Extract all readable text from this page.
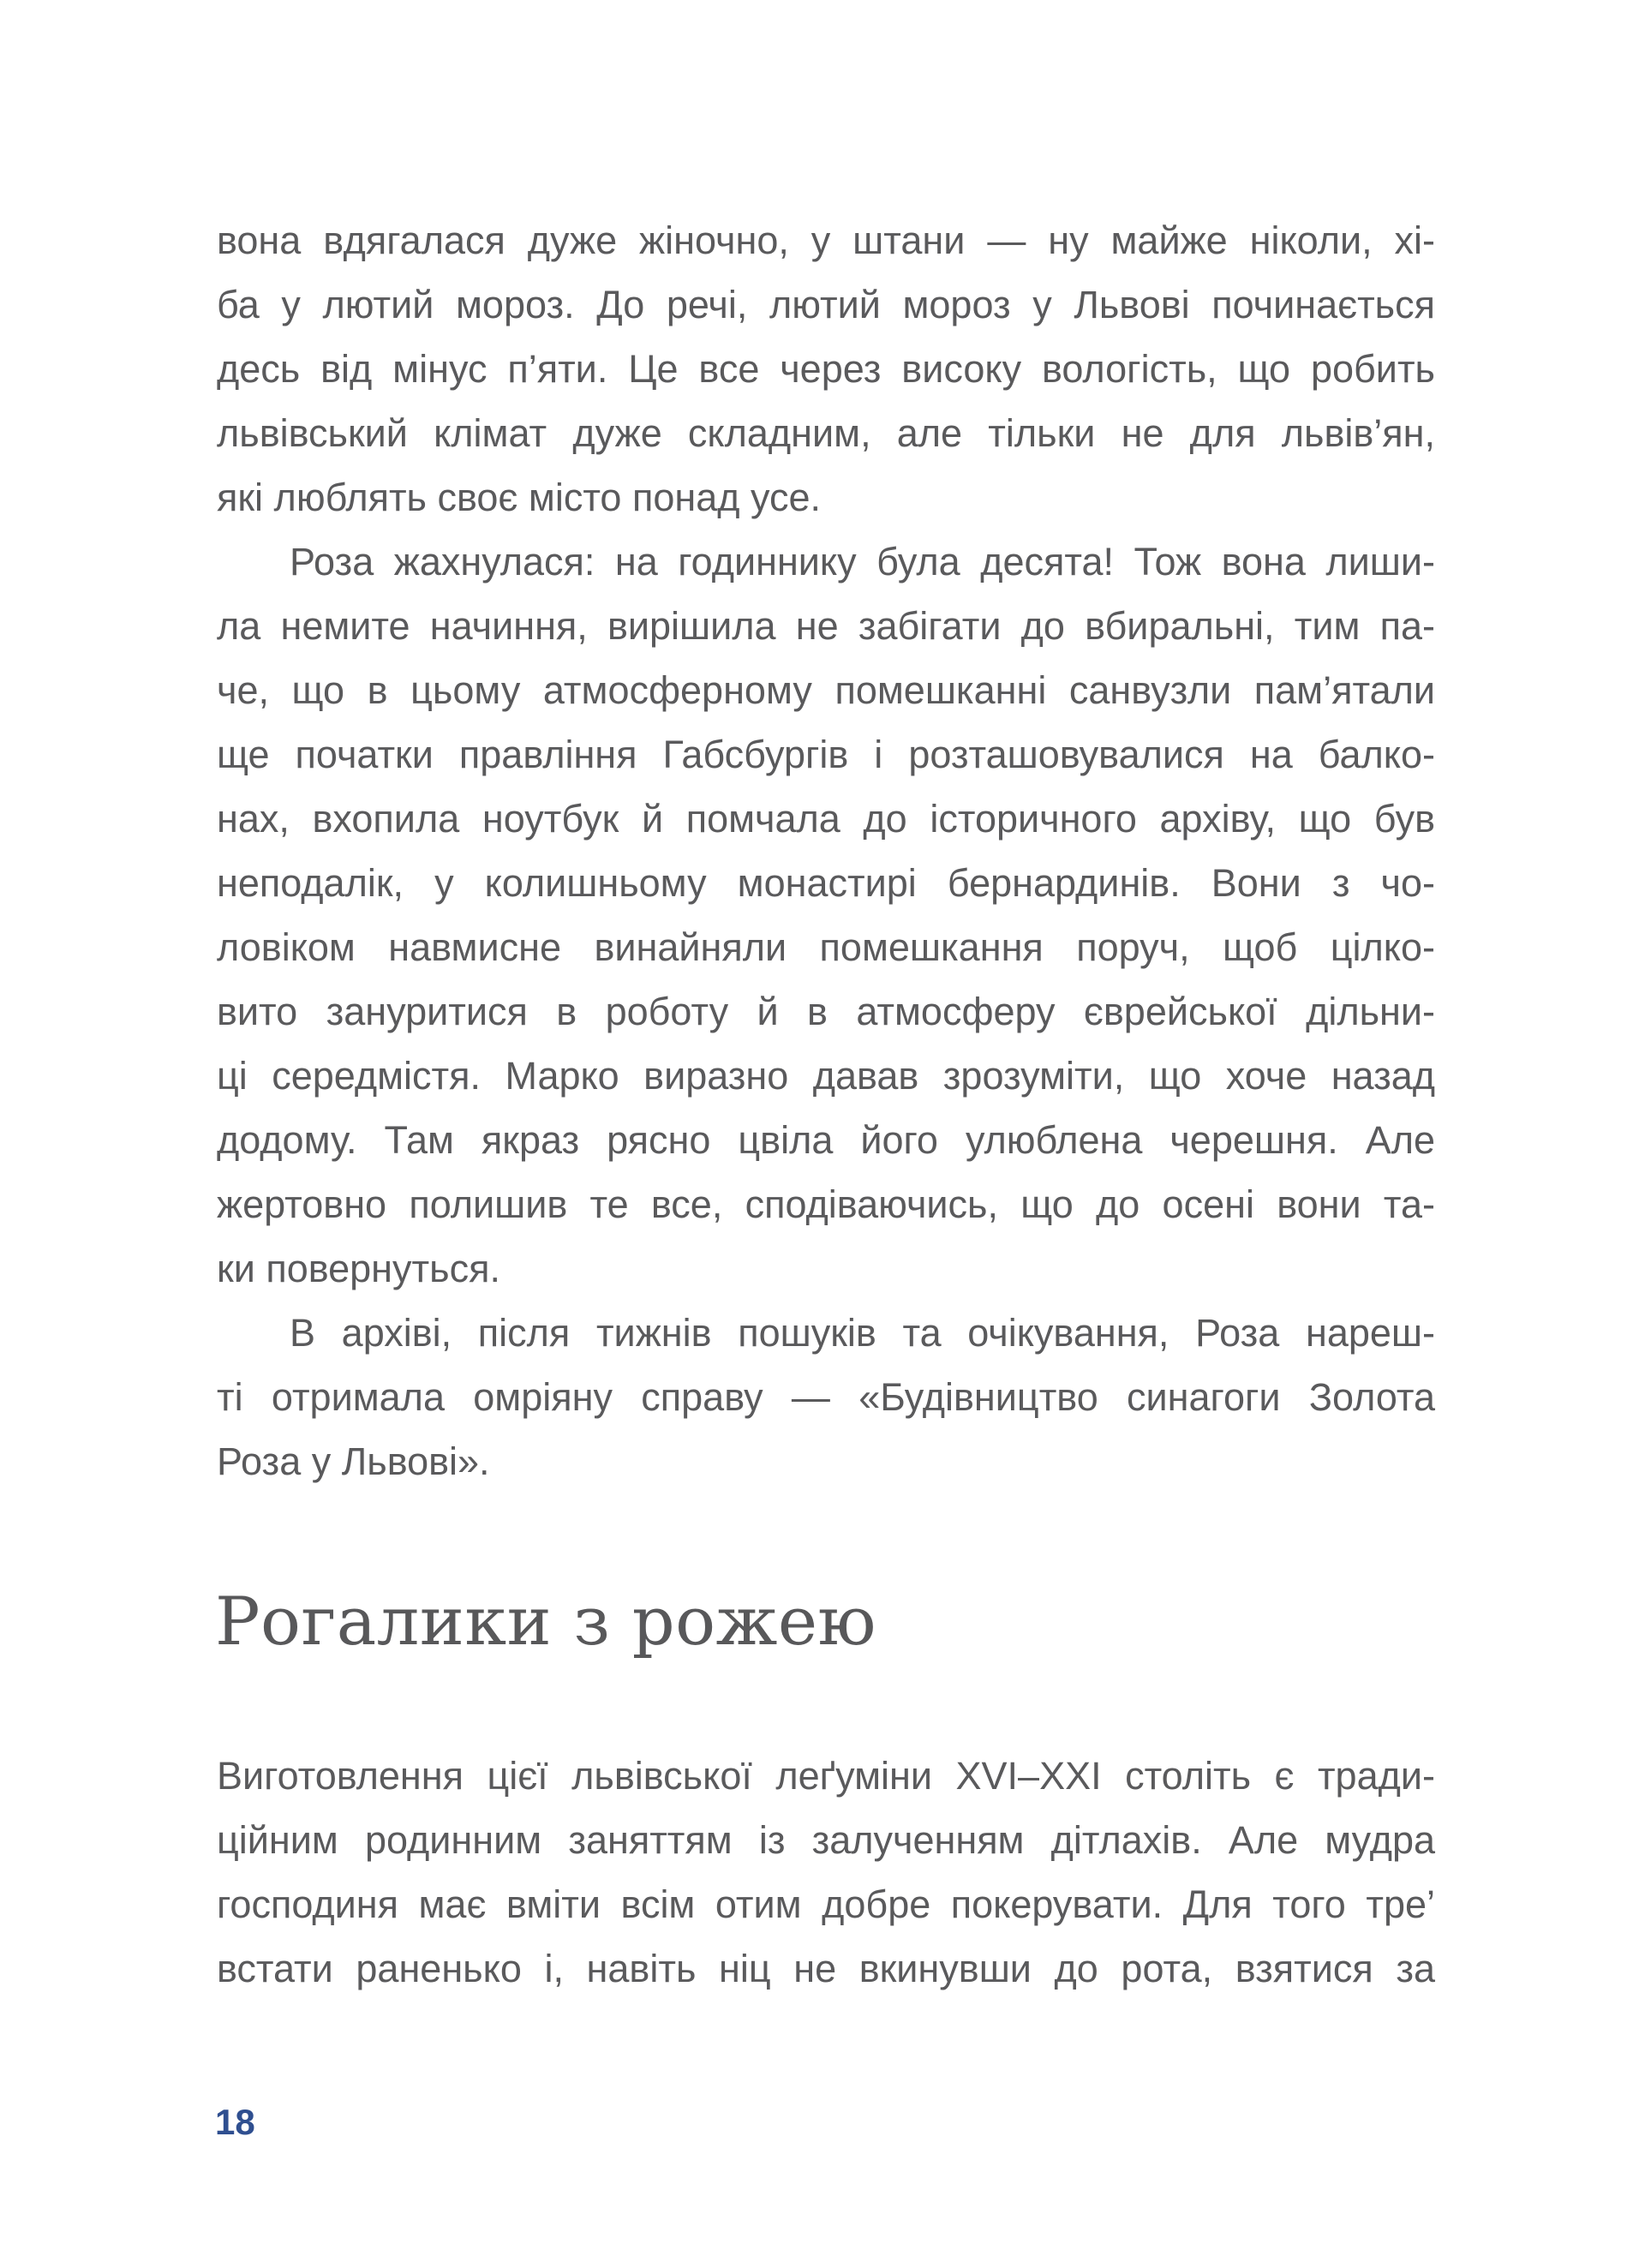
вона вдягалася дуже жіночно, у штани — ну майже ніколи, хі-
ба у лютий мороз. До речі, лютий мороз у Львові починається
десь від мінус п’яти. Це все через високу вологість, що робить
львівський клімат дуже складним, але тільки не для львів’ян,
які люблять своє місто понад усе.
Роза жахнулася: на годиннику була десята! Тож вона лиши-
ла немите начиння, вирішила не забігати до вбиральні, тим па-
че, що в цьому атмосферному помешканні санвузли пам’ятали
ще початки правління Габсбургів і розташовувалися на балко-
нах, вхопила ноутбук й помчала до історичного архіву, що був
неподалік, у колишньому монастирі бернардинів. Вони з чо-
ловіком навмисне винайняли помешкання поруч, щоб цілко-
вито зануритися в роботу й в атмосферу єврейської дільни-
ці середмістя. Марко виразно давав зрозуміти, що хоче назад
додому. Там якраз рясно цвіла його улюблена черешня. Але
жертовно полишив те все, сподіваючись, що до осені вони та-
ки повернуться.
В архіві, після тижнів пошуків та очікування, Роза нареш-
ті отримала омріяну справу — «Будівництво синагоги Золота
Роза у Львові».
Рогалики з рожею
Виготовлення цієї львівської леґуміни XVI–XXI століть є тради-
ційним родинним заняттям із залученням дітлахів. Але мудра
господиня має вміти всім отим добре покерувати. Для того тре’
встати раненько і, навіть ніц не вкинувши до рота, взятися за
18
